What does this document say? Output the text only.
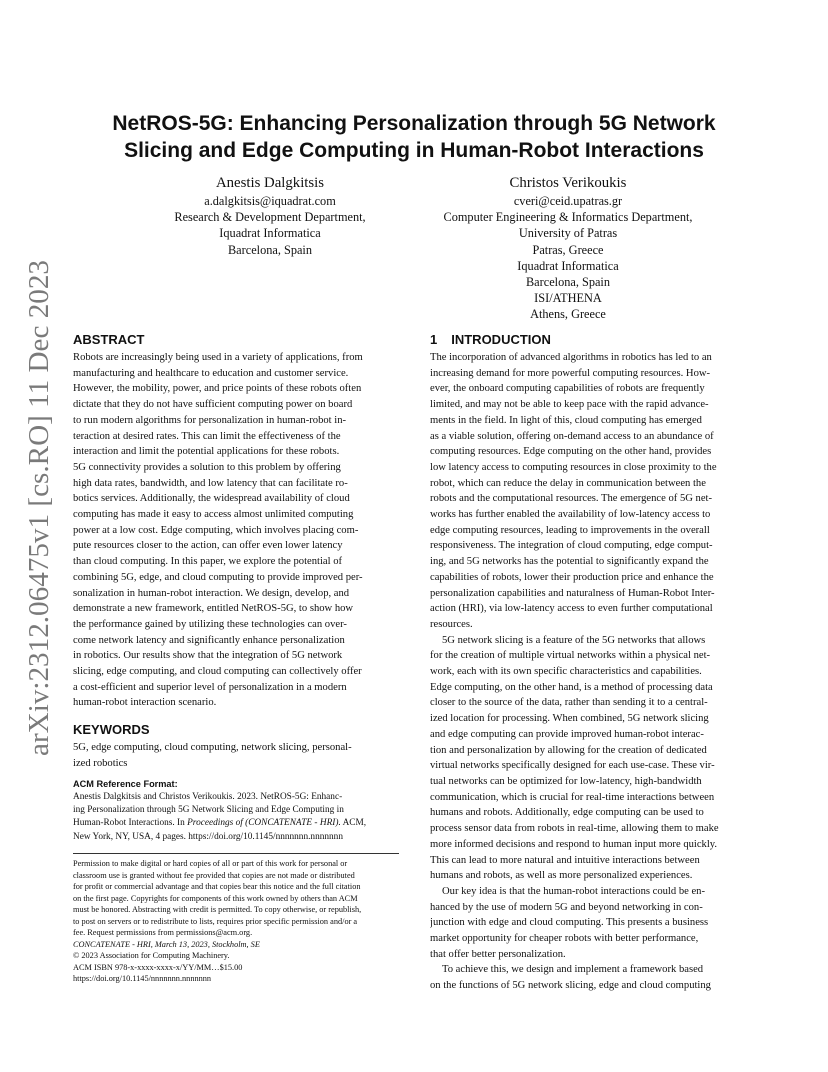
arXiv:2312.06475v1 [cs.RO] 11 Dec 2023
NetROS-5G: Enhancing Personalization through 5G Network
Slicing and Edge Computing in Human-Robot Interactions
Anestis Dalgkitsis
a.dalgkitsis@iquadrat.com
Research & Development Department,
Iquadrat Informatica
Barcelona, Spain
Christos Verikoukis
cveri@ceid.upatras.gr
Computer Engineering & Informatics Department,
University of Patras
Patras, Greece
Iquadrat Informatica
Barcelona, Spain
ISI/ATHENA
Athens, Greece
ABSTRACT
Robots are increasingly being used in a variety of applications, from
manufacturing and healthcare to education and customer service.
However, the mobility, power, and price points of these robots often
dictate that they do not have sufficient computing power on board
to run modern algorithms for personalization in human-robot in-
teraction at desired rates. This can limit the effectiveness of the
interaction and limit the potential applications for these robots.
5G connectivity provides a solution to this problem by offering
high data rates, bandwidth, and low latency that can facilitate ro-
botics services. Additionally, the widespread availability of cloud
computing has made it easy to access almost unlimited computing
power at a low cost. Edge computing, which involves placing com-
pute resources closer to the action, can offer even lower latency
than cloud computing. In this paper, we explore the potential of
combining 5G, edge, and cloud computing to provide improved per-
sonalization in human-robot interaction. We design, develop, and
demonstrate a new framework, entitled NetROS-5G, to show how
the performance gained by utilizing these technologies can over-
come network latency and significantly enhance personalization
in robotics. Our results show that the integration of 5G network
slicing, edge computing, and cloud computing can collectively offer
a cost-efficient and superior level of personalization in a modern
human-robot interaction scenario.
KEYWORDS
5G, edge computing, cloud computing, network slicing, personal-
ized robotics
ACM Reference Format:
Anestis Dalgkitsis and Christos Verikoukis. 2023. NetROS-5G: Enhanc-
ing Personalization through 5G Network Slicing and Edge Computing in
Human-Robot Interactions. In Proceedings of (CONCATENATE - HRI). ACM,
New York, NY, USA, 4 pages. https://doi.org/10.1145/nnnnnnn.nnnnnnn
Permission to make digital or hard copies of all or part of this work for personal or
classroom use is granted without fee provided that copies are not made or distributed
for profit or commercial advantage and that copies bear this notice and the full citation
on the first page. Copyrights for components of this work owned by others than ACM
must be honored. Abstracting with credit is permitted. To copy otherwise, or republish,
to post on servers or to redistribute to lists, requires prior specific permission and/or a
fee. Request permissions from permissions@acm.org.
CONCATENATE - HRI, March 13, 2023, Stockholm, SE
© 2023 Association for Computing Machinery.
ACM ISBN 978-x-xxxx-xxxx-x/YY/MM…$15.00
https://doi.org/10.1145/nnnnnnn.nnnnnnn
1 INTRODUCTION
The incorporation of advanced algorithms in robotics has led to an
increasing demand for more powerful computing resources. How-
ever, the onboard computing capabilities of robots are frequently
limited, and may not be able to keep pace with the rapid advance-
ments in the field. In light of this, cloud computing has emerged
as a viable solution, offering on-demand access to an abundance of
computing resources. Edge computing on the other hand, provides
low latency access to computing resources in close proximity to the
robot, which can reduce the delay in communication between the
robots and the computational resources. The emergence of 5G net-
works has further enabled the availability of low-latency access to
edge computing resources, leading to improvements in the overall
responsiveness. The integration of cloud computing, edge comput-
ing, and 5G networks has the potential to significantly expand the
capabilities of robots, lower their production price and enhance the
personalization capabilities and naturalness of Human-Robot Inter-
action (HRI), via low-latency access to even further computational
resources.
5G network slicing is a feature of the 5G networks that allows
for the creation of multiple virtual networks within a physical net-
work, each with its own specific characteristics and capabilities.
Edge computing, on the other hand, is a method of processing data
closer to the source of the data, rather than sending it to a central-
ized location for processing. When combined, 5G network slicing
and edge computing can provide improved human-robot interac-
tion and personalization by allowing for the creation of dedicated
virtual networks specifically designed for each use-case. These vir-
tual networks can be optimized for low-latency, high-bandwidth
communication, which is crucial for real-time interactions between
humans and robots. Additionally, edge computing can be used to
process sensor data from robots in real-time, allowing them to make
more informed decisions and respond to human input more quickly.
This can lead to more natural and intuitive interactions between
humans and robots, as well as more personalized experiences.
Our key idea is that the human-robot interactions could be en-
hanced by the use of modern 5G and beyond networking in con-
junction with edge and cloud computing. This presents a business
market opportunity for cheaper robots with better performance,
that offer better personalization.
To achieve this, we design and implement a framework based
on the functions of 5G network slicing, edge and cloud computing
